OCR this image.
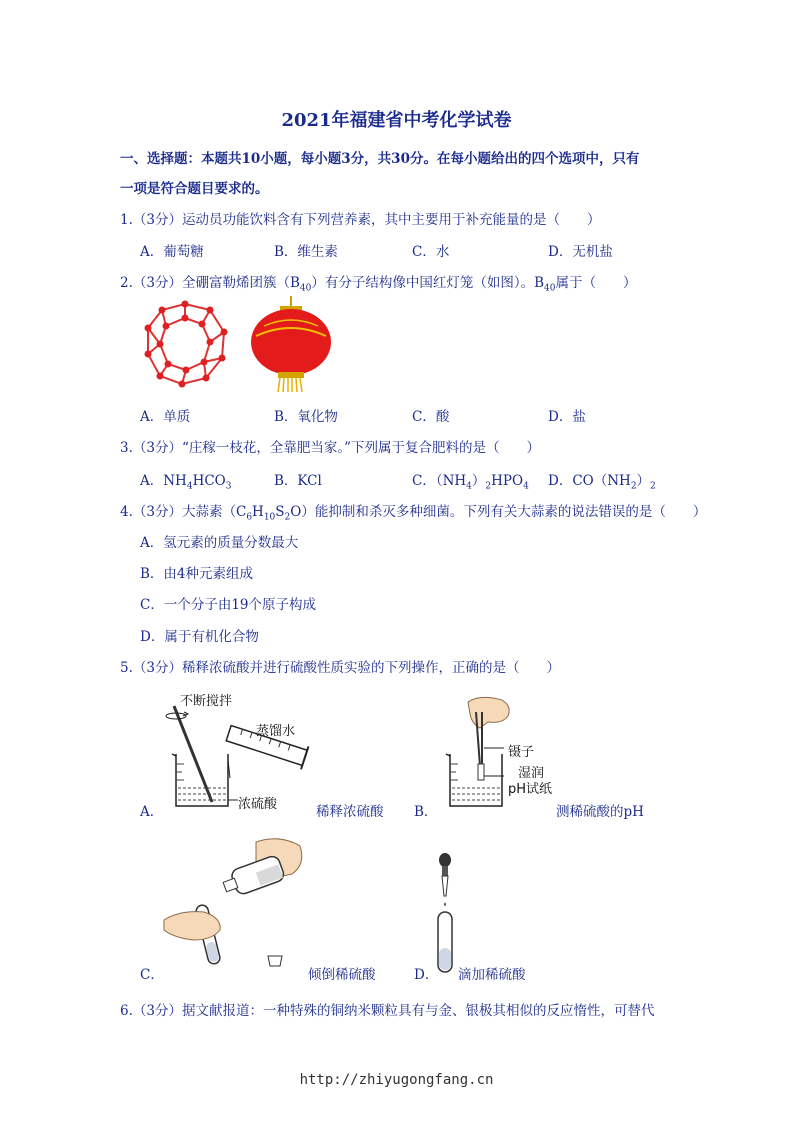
2021年福建省中考化学试卷
一、选择题：本题共10小题，每小题3分，共30分。在每小题给出的四个选项中，只有
一项是符合题目要求的。
1.（3分）运动员功能饮料含有下列营养素，其中主要用于补充能量的是（　　）
A．葡萄糖	B．维生素	C．水	D．无机盐
2.（3分）全硼富勒烯团簇$(B_{40})$有分子结构像中国红灯笼（如图）。$B_{40}$属于（　　）
A．单质	B．氧化物	C．酸	D．盐
3.（3分）“庄稼一枝花，全靠肥当家。”下列属于复合肥料的是（　　）
A．$NH_4HCO_3$	B．KCl	C．$(NH_4)_2HPO_4$ D．$CO(NH_2)_2$
4.（3分）大蒜素$(C_6H_{10}S_2O)$能抑制和杀灭多种细菌。下列有关大蒜素的说法错误的是（　　）
A．氢元素的质量分数最大
B．由4种元素组成
C．一个分子由19个原子构成
D．属于有机化合物
5.（3分）稀释浓硫酸并进行硫酸性质实验的下列操作，正确的是（　　）
不断搅拌
蒸馏水
浓硫酸
A．	稀释浓硫酸
镊子
湿润
pH试纸
B．	测稀硫酸的pH
C．	倾倒稀硫酸	D． 滴加稀硫酸
6.（3分）据文献报道：一种特殊的铜纳米颗粒具有与金、银极其相似的反应惰性，可替代
http://zhiyugongfang.cn
